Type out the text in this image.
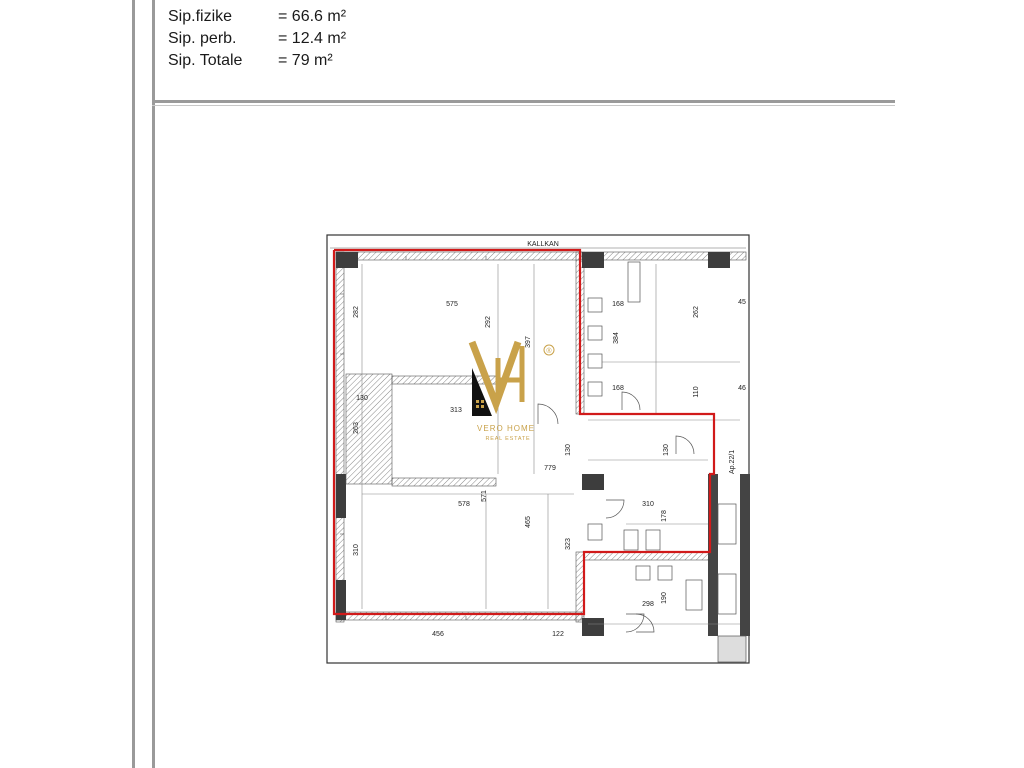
Sip.fizike	= 66.6 m²
Sip. perb.	= 12.4 m²
Sip. Totale	= 79 m²
KALLKAN
Ap.22/1
575
292
282
397
313
130
263
779
130	130
578
571
465
323
310
456	122
168
384
168
262
110
45
46
310
178
298
190
®
VERO HOME
REAL ESTATE
